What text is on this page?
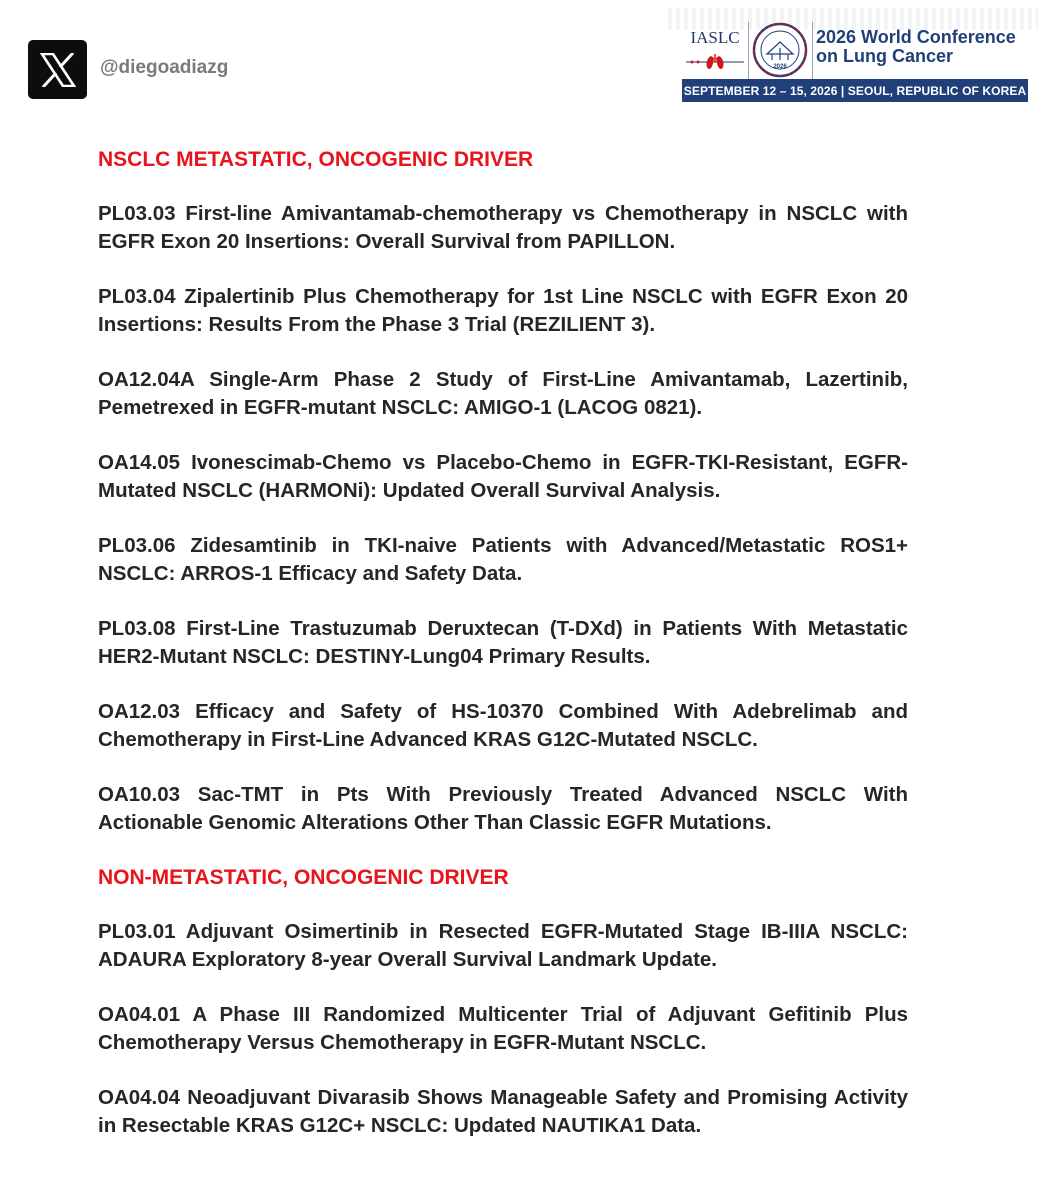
@diegoadiazg
IASLC
2026
2026 World Conference on Lung Cancer
SEPTEMBER 12 – 15, 2026 | SEOUL, REPUBLIC OF KOREA
NSCLC METASTATIC, ONCOGENIC DRIVER
PL03.03 First-line Amivantamab-chemotherapy vs Chemotherapy in NSCLC with EGFR Exon 20 Insertions: Overall Survival from PAPILLON.
PL03.04 Zipalertinib Plus Chemotherapy for 1st Line NSCLC with EGFR Exon 20 Insertions: Results From the Phase 3 Trial (REZILIENT 3).
OA12.04A Single-Arm Phase 2 Study of First-Line Amivantamab, Lazertinib, Pemetrexed in EGFR-mutant NSCLC: AMIGO-1 (LACOG 0821).
OA14.05 Ivonescimab-Chemo vs Placebo-Chemo in EGFR-TKI-Resistant, EGFR-Mutated NSCLC (HARMONi): Updated Overall Survival Analysis.
PL03.06 Zidesamtinib in TKI-naive Patients with Advanced/Metastatic ROS1+ NSCLC: ARROS-1 Efficacy and Safety Data.
PL03.08 First-Line Trastuzumab Deruxtecan (T-DXd) in Patients With Metastatic HER2-Mutant NSCLC: DESTINY-Lung04 Primary Results.
OA12.03 Efficacy and Safety of HS-10370 Combined With Adebrelimab and Chemotherapy in First-Line Advanced KRAS G12C-Mutated NSCLC.
OA10.03 Sac-TMT in Pts With Previously Treated Advanced NSCLC With Actionable Genomic Alterations Other Than Classic EGFR Mutations.
NON-METASTATIC, ONCOGENIC DRIVER
PL03.01 Adjuvant Osimertinib in Resected EGFR-Mutated Stage IB-IIIA NSCLC: ADAURA Exploratory 8-year Overall Survival Landmark Update.
OA04.01 A Phase III Randomized Multicenter Trial of Adjuvant Gefitinib Plus Chemotherapy Versus Chemotherapy in EGFR-Mutant NSCLC.
OA04.04 Neoadjuvant Divarasib Shows Manageable Safety and Promising Activity in Resectable KRAS G12C+ NSCLC: Updated NAUTIKA1 Data.
